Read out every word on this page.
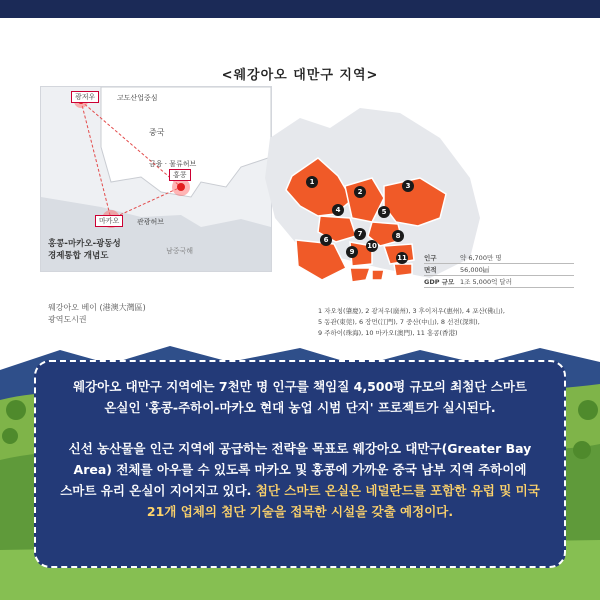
<웨강아오 대만구 지역>
광저우	고도산업중심
중국
금융 · 물류허브
홍콩
마카오	관광허브
홍콩-마카오-광동성
경제통합 개념도	남중국해
웨강아오 베이 (港澳大灣區)
광역도시권
1
2
3
4	5
6
7	8
9
10
11	인구	약 6,700만 명
면적	56,000㎢
GDP 규모 1조 5,000억 달러
1 자오칭(肇慶), 2 광저우(廣州), 3 후이저우(惠州), 4 포산(佛山),
5 동관(東莞), 6 장먼(江門), 7 중산(中山), 8 선전(深圳),
9 주하이(珠海), 10 마카오(澳門), 11 홍콩(香港)

웨강아오 대만구 지역에는 7천만 명 인구를 책임질 4,500평 규모의 최첨단 스마트 온실인 '홍콩-주하이-마카오 현대 농업 시범 단지' 프로젝트가 실시된다.

신선 농산물을 인근 지역에 공급하는 전략을 목표로 웨강아오 대만구(Greater Bay Area) 전체를 아우를 수 있도록 마카오 및 홍콩에 가까운 중국 남부 지역 주하이에 스마트 유리 온실이 지어지고 있다. 첨단 스마트 온실은 네덜란드를 포함한 유럽 및 미국 21개 업체의 첨단 기술을 접목한 시설을 갖출 예정이다.
